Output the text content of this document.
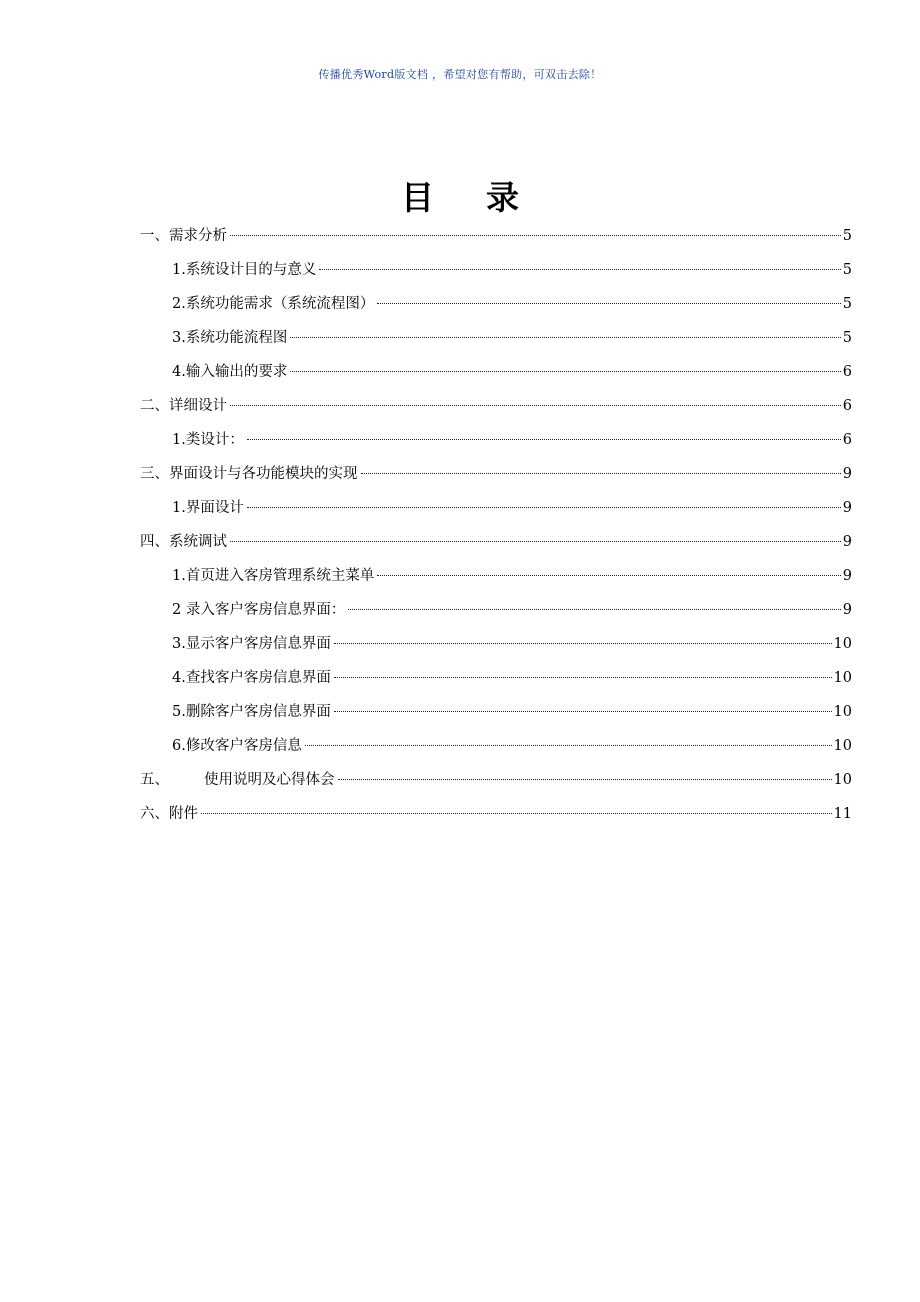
传播优秀Word版文档 ，希望对您有帮助，可双击去除！
目录
一、需求分析	5
1.系统设计目的与意义	5
2.系统功能需求（系统流程图）	5
3.系统功能流程图	5
4.输入输出的要求	6
二、详细设计	6
1.类设计：	6
三、界面设计与各功能模块的实现	9
1.界面设计	9
四、系统调试	9
1.首页进入客房管理系统主菜单	9
2 录入客户客房信息界面：	9
3.显示客户客房信息界面	10
4.查找客户客房信息界面	10
5.删除客户客房信息界面	10
6.修改客户客房信息	10
五、 使用说明及心得体会	10
六、附件	11
